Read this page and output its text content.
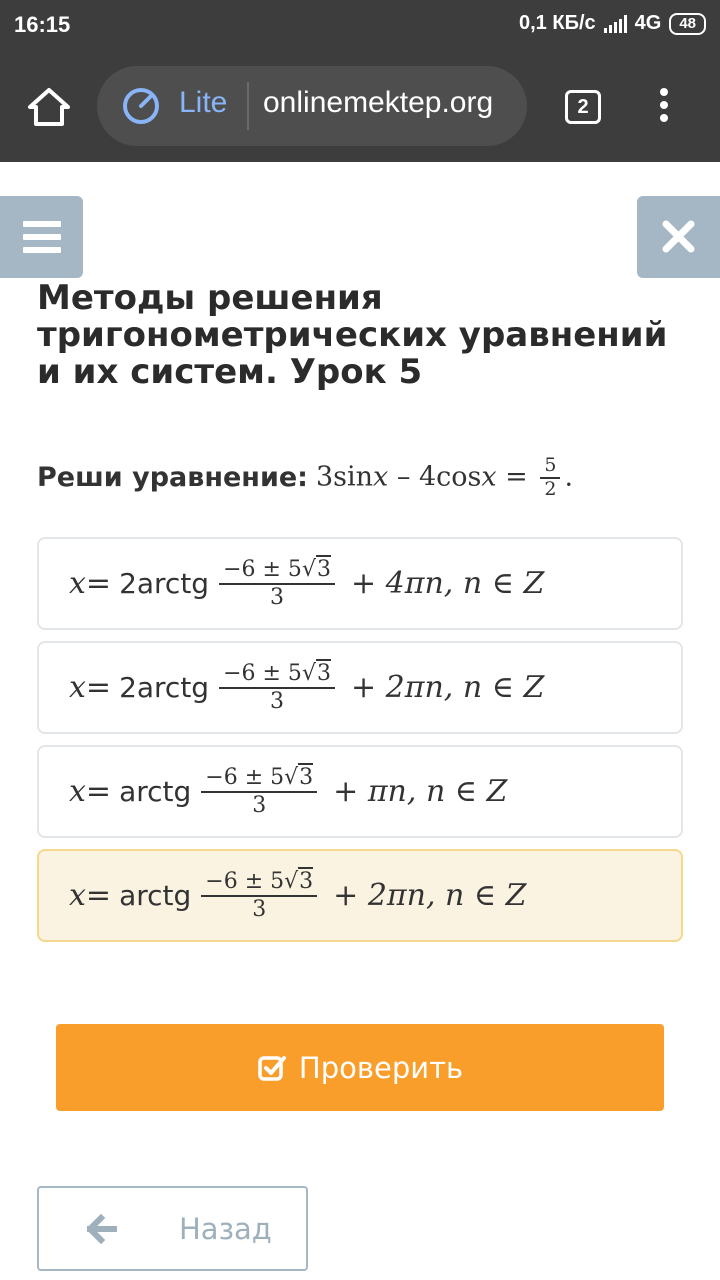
16:15	0,1 КБ/с 4G	48
Lite onlinemektep.org	2
Методы решения тригонометрических уравнений и их систем. Урок 5
Реши уравнение: $3\sin x - 4\cos x = \frac{5}{2}$ .
x = 2arctg $\frac{-6 \pm 5√3}{3} + 4\pi n$, n ∈ Z
x = 2arctg $\frac{-6 \pm 5√3}{3} + 2\pi n$, n ∈ Z
x = arctg $\frac{-6 \pm 5√3}{3} + \pi n$, n ∈ Z
x = arctg $\frac{-6 \pm 5√3}{3} + 2\pi n$, n ∈ Z
Проверить
Назад
